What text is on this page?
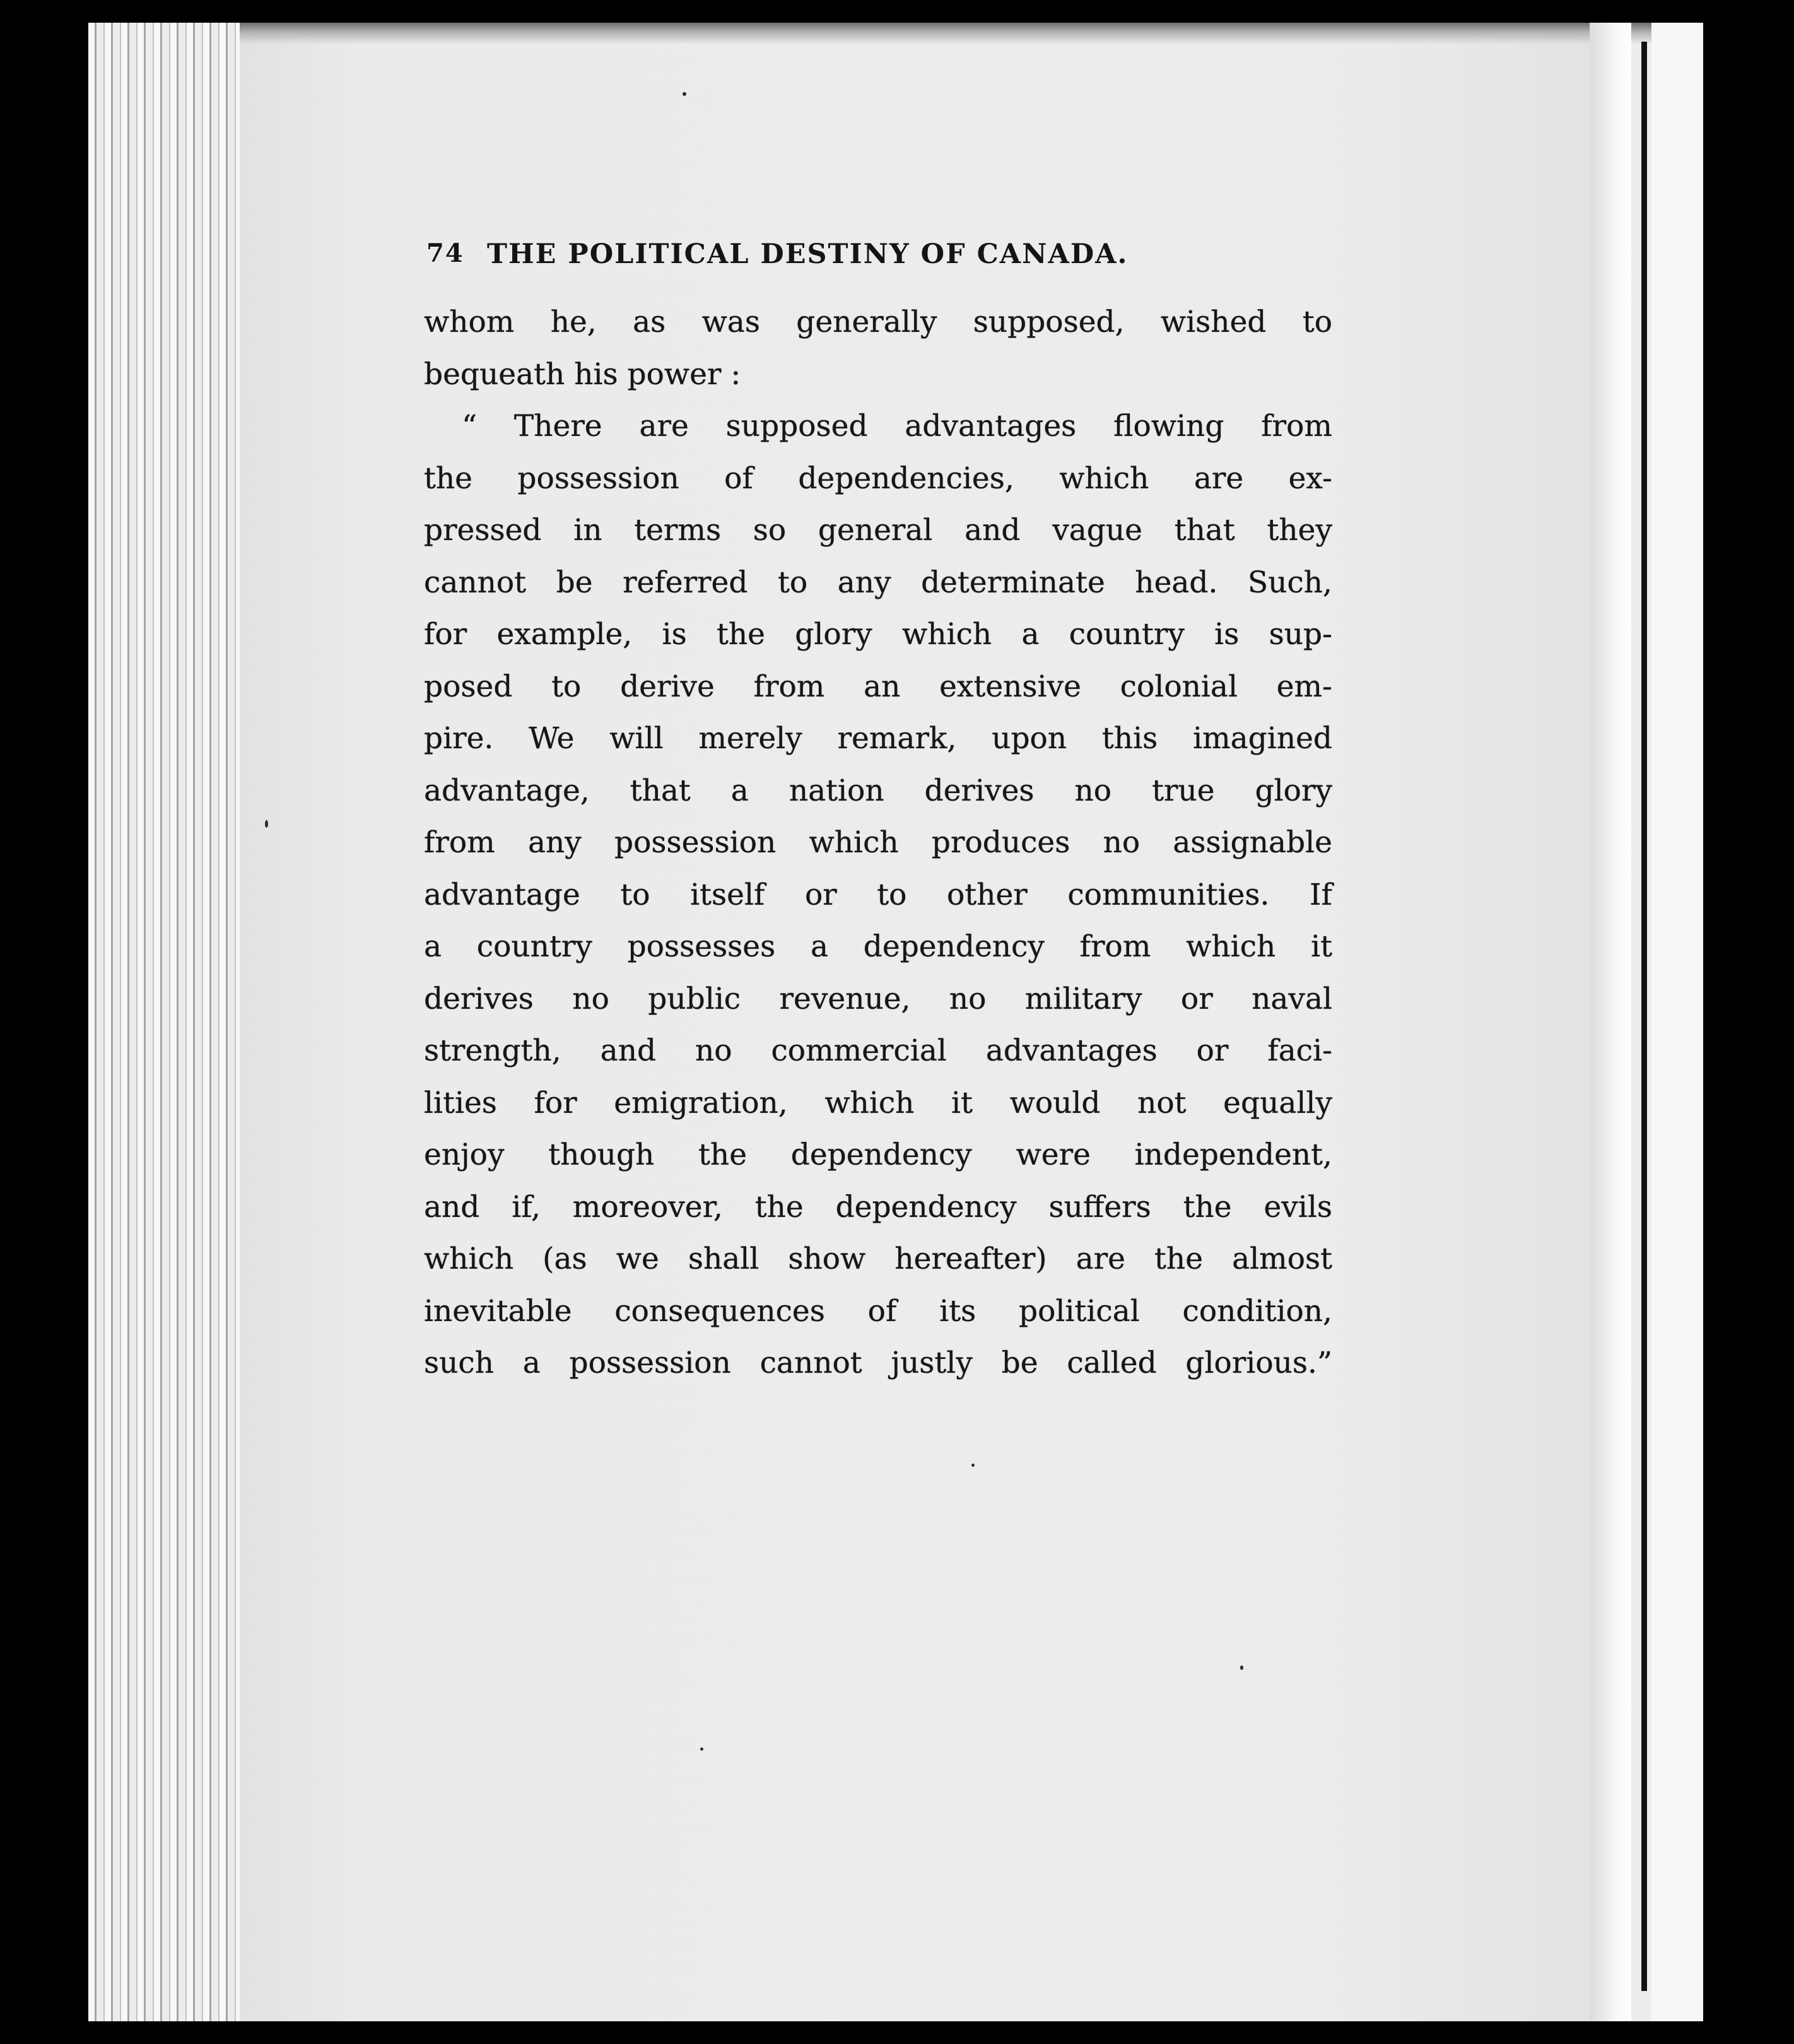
74 THE POLITICAL DESTINY OF CANADA.
whom he, as was generally supposed, wished to
bequeath his power :
“ There are supposed advantages flowing from
the possession of dependencies, which are ex-
pressed in terms so general and vague that they
cannot be referred to any determinate head. Such,
for example, is the glory which a country is sup-
posed to derive from an extensive colonial em-
pire. We will merely remark, upon this imagined
advantage, that a nation derives no true glory
from any possession which produces no assignable
advantage to itself or to other communities. If
a country possesses a dependency from which it
derives no public revenue, no military or naval
strength, and no commercial advantages or faci-
lities for emigration, which it would not equally
enjoy though the dependency were independent,
and if, moreover, the dependency suffers the evils
which (as we shall show hereafter) are the almost
inevitable consequences of its political condition,
such a possession cannot justly be called glorious.”
